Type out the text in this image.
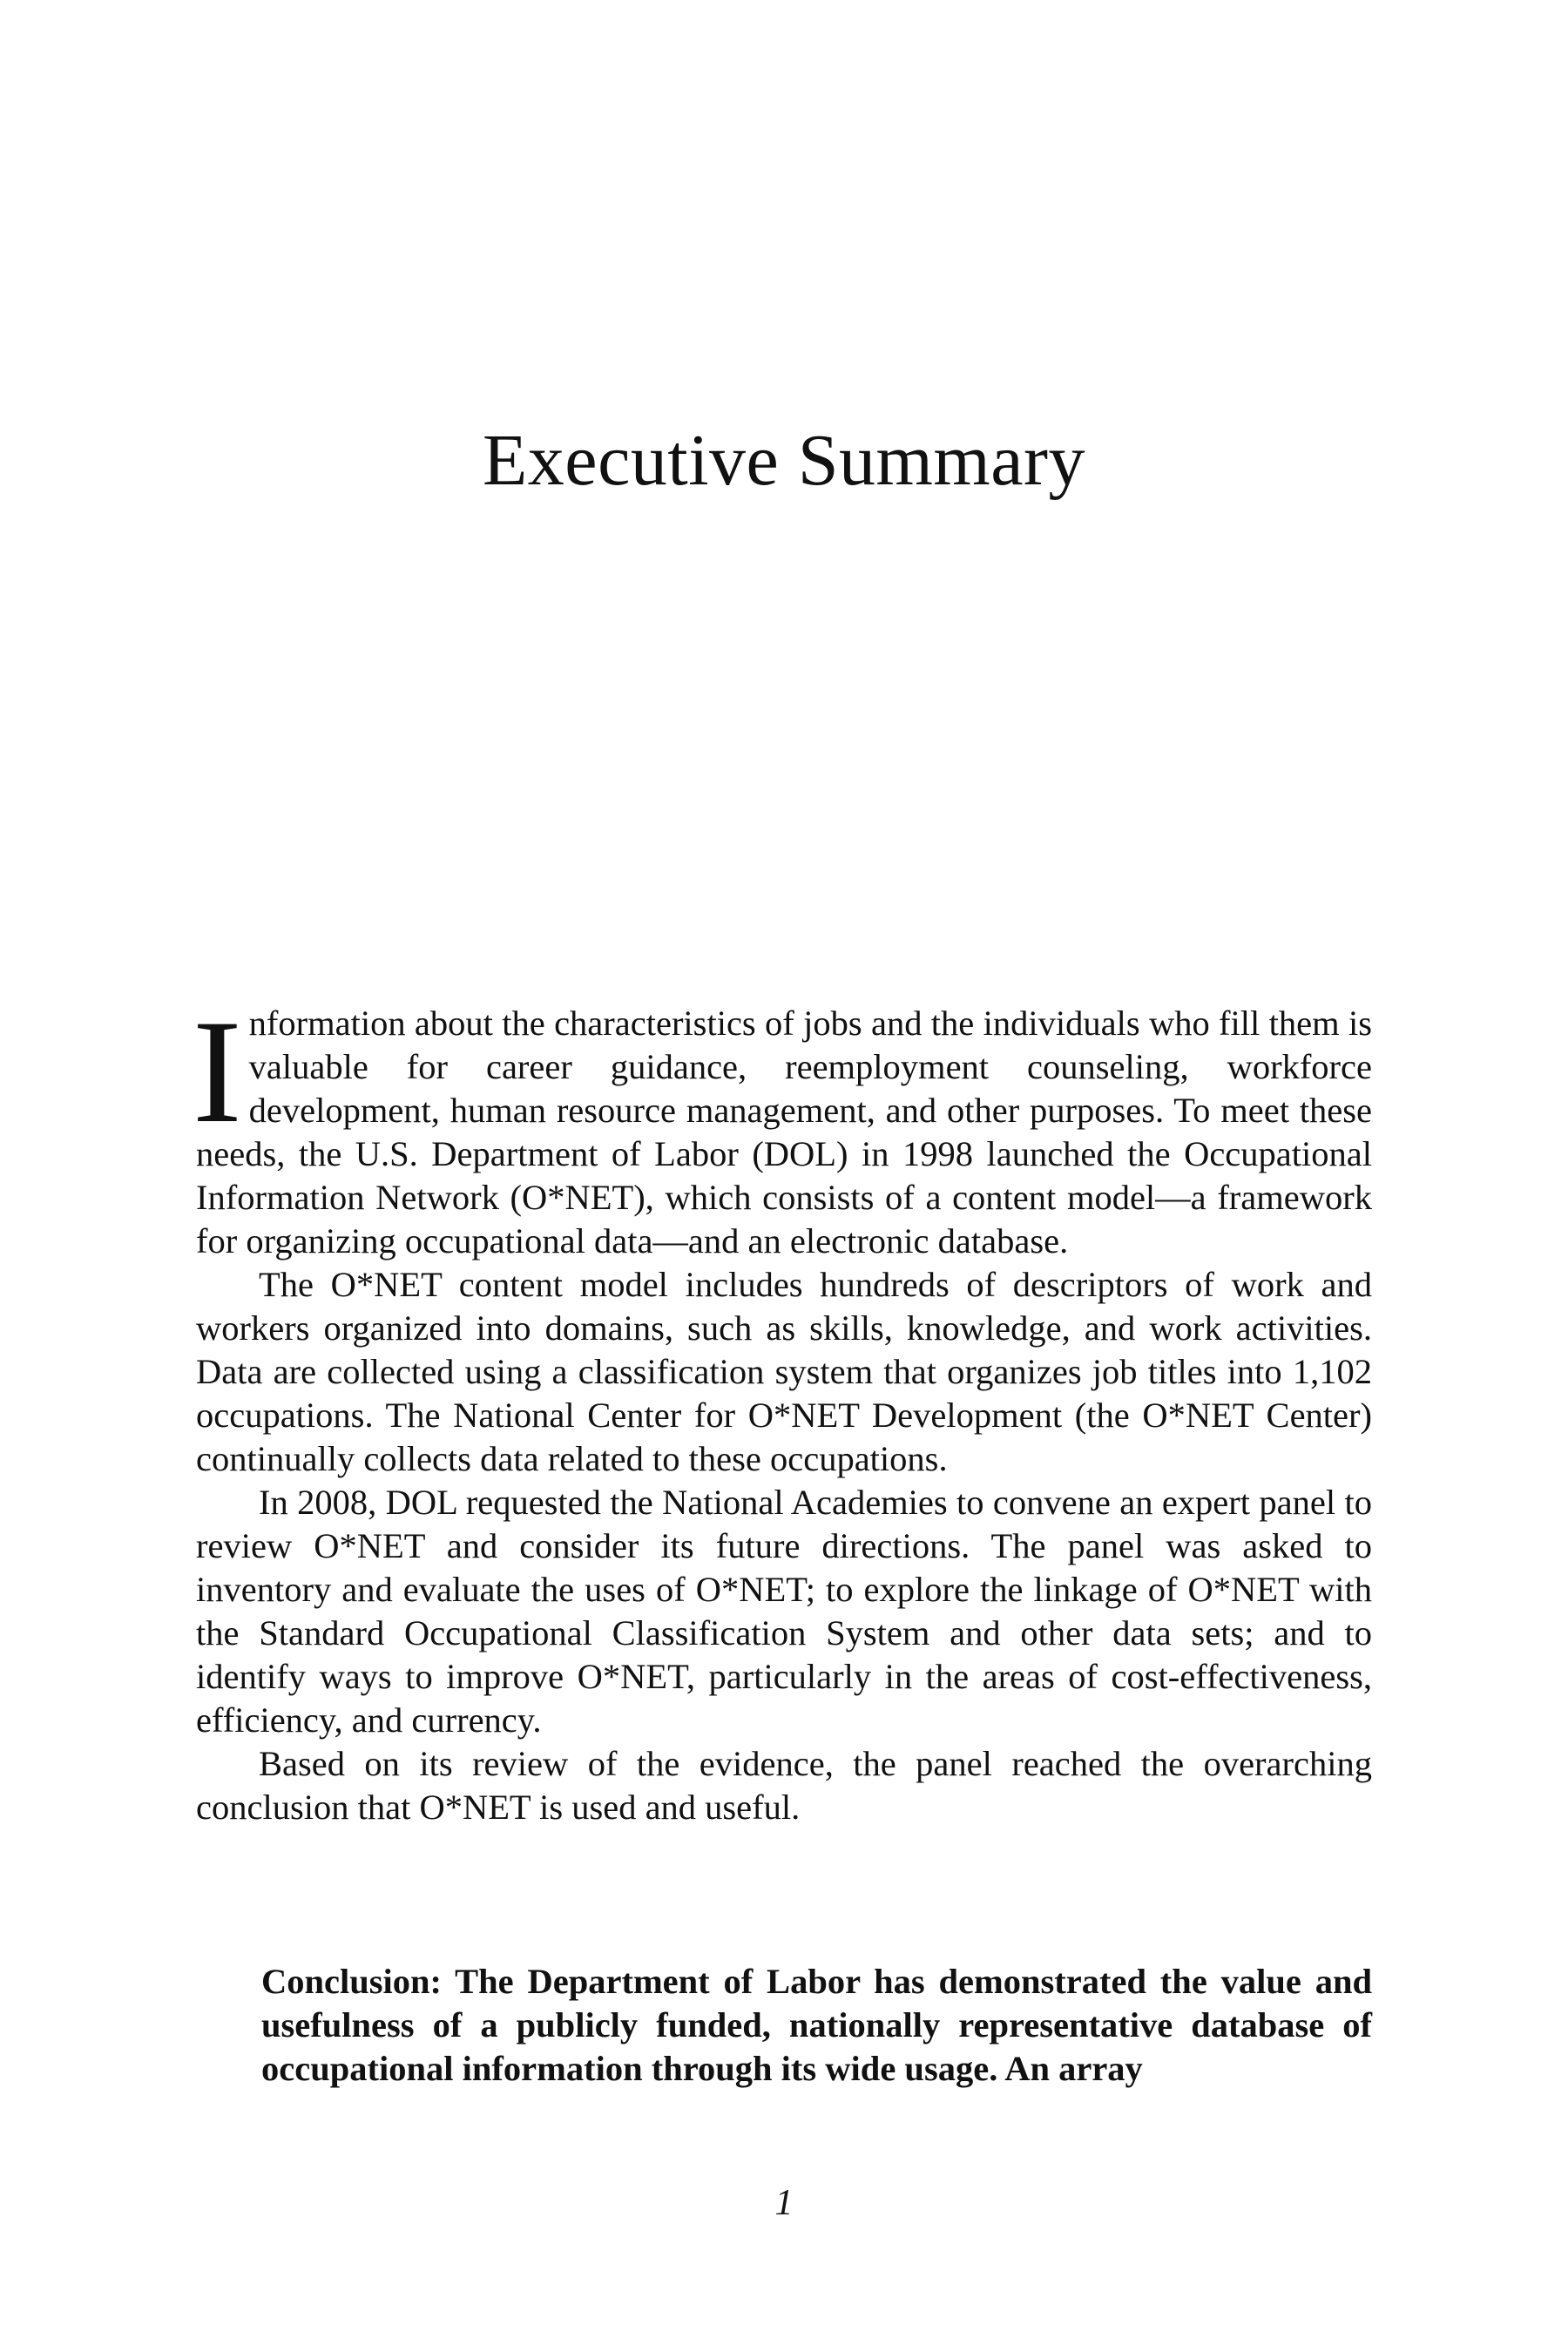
Executive Summary

Information about the characteristics of jobs and the individuals who fill them is valuable for career guidance, reemployment counseling, workforce development, human resource management, and other purposes. To meet these needs, the U.S. Department of Labor (DOL) in 1998 launched the Occupational Information Network (O*NET), which consists of a content model—a framework for organizing occupational data—and an electronic database.

The O*NET content model includes hundreds of descriptors of work and workers organized into domains, such as skills, knowledge, and work activities. Data are collected using a classification system that organizes job titles into 1,102 occupations. The National Center for O*NET Development (the O*NET Center) continually collects data related to these occupations.

In 2008, DOL requested the National Academies to convene an expert panel to review O*NET and consider its future directions. The panel was asked to inventory and evaluate the uses of O*NET; to explore the linkage of O*NET with the Standard Occupational Classification System and other data sets; and to identify ways to improve O*NET, particularly in the areas of cost-effectiveness, efficiency, and currency.

Based on its review of the evidence, the panel reached the overarching conclusion that O*NET is used and useful.

Conclusion: The Department of Labor has demonstrated the value and usefulness of a publicly funded, nationally representative database of occupational information through its wide usage. An array

1
